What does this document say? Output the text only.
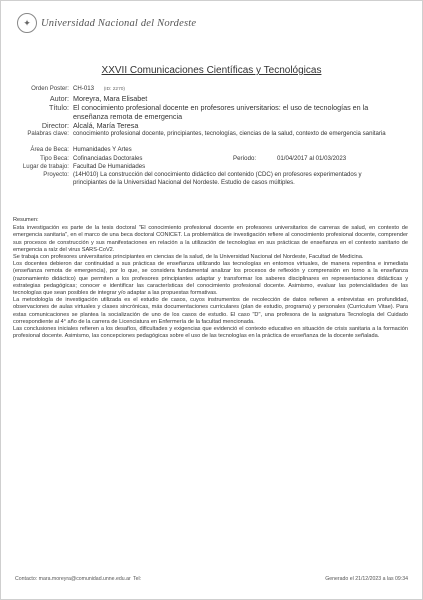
✦ Universidad Nacional del Nordeste
XXVII Comunicaciones Científicas y Tecnológicas
Orden Poster: CH-013 (ID: 2270)
Autor: Moreyra, Mara Elisabet
Título: El conocimiento profesional docente en profesores universitarios: el uso de tecnologías en la
enseñanza remota de emergencia
Director: Alcalá, María Teresa
Palabras clave: conocimiento profesional docente, principiantes, tecnologías, ciencias de la salud, contexto de emergencia sanitaria
Área de Beca: Humanidades Y Artes
Tipo Beca: Cofinanciadas Doctorales	Período:	01/04/2017 al 01/03/2023
Lugar de trabajo: Facultad De Humanidades
Proyecto: (14H010) La construcción del conocimiento didáctico del contenido (CDC) en profesores experimentados y
principiantes de la Universidad Nacional del Nordeste. Estudio de casos múltiples.

Resumen:

Esta investigación es parte de la tesis doctoral "El conocimiento profesional docente en profesores universitarios de carreras de salud, en contexto de emergencia sanitaria", en el marco de una beca doctoral CONICET. La problemática de investigación refiere al conocimiento profesional docente, comprender sus procesos de construcción y sus manifestaciones en relación a la utilización de tecnologías en sus prácticas de enseñanza en el contexto sanitario de emergencia a raíz del virus SARS-CoV2.

Se trabaja con profesores universitarios principiantes en ciencias de la salud, de la Universidad Nacional del Nordeste, Facultad de Medicina.

Los docentes debieron dar continuidad a sus prácticas de enseñanza utilizando las tecnologías en entornos virtuales, de manera repentina e inmediata (enseñanza remota de emergencia), por lo que, se considera fundamental analizar los procesos de reflexión y comprensión en torno a la enseñanza (razonamiento didáctico) que permiten a los profesores principiantes adaptar y transformar los saberes disciplinares en representaciones didácticas y estrategias pedagógicas; conocer e identificar las características del conocimiento profesional docente. Asimismo, evaluar las potencialidades de las tecnologías que sean posibles de integrar y/o adaptar a las propuestas formativas.

La metodología de investigación utilizada es el estudio de casos, cuyos instrumentos de recolección de datos refieren a entrevistas en profundidad, observaciones de aulas virtuales y clases sincrónicas, más documentaciones curriculares (plan de estudio, programa) y personales (Curriculum Vitae). Para estas comunicaciones se plantea la socialización de uno de los casos de estudio. El caso "D", una profesora de la asignatura Tecnología del Cuidado correspondiente al 4° año de la carrera de Licenciatura en Enfermería de la facultad mencionada.

Las conclusiones iniciales refieren a los desafíos, dificultades y exigencias que evidenció el contexto educativo en situación de crisis sanitaria a la formación profesional docente. Asimismo, las concepciones pedagógicas sobre el uso de las tecnologías en la práctica de enseñanza de la docente señalada.

Contacto: mara.moreyra@comunidad.unne.edu.ar Tel:	Generado el 21/12/2023 a las 09:34
